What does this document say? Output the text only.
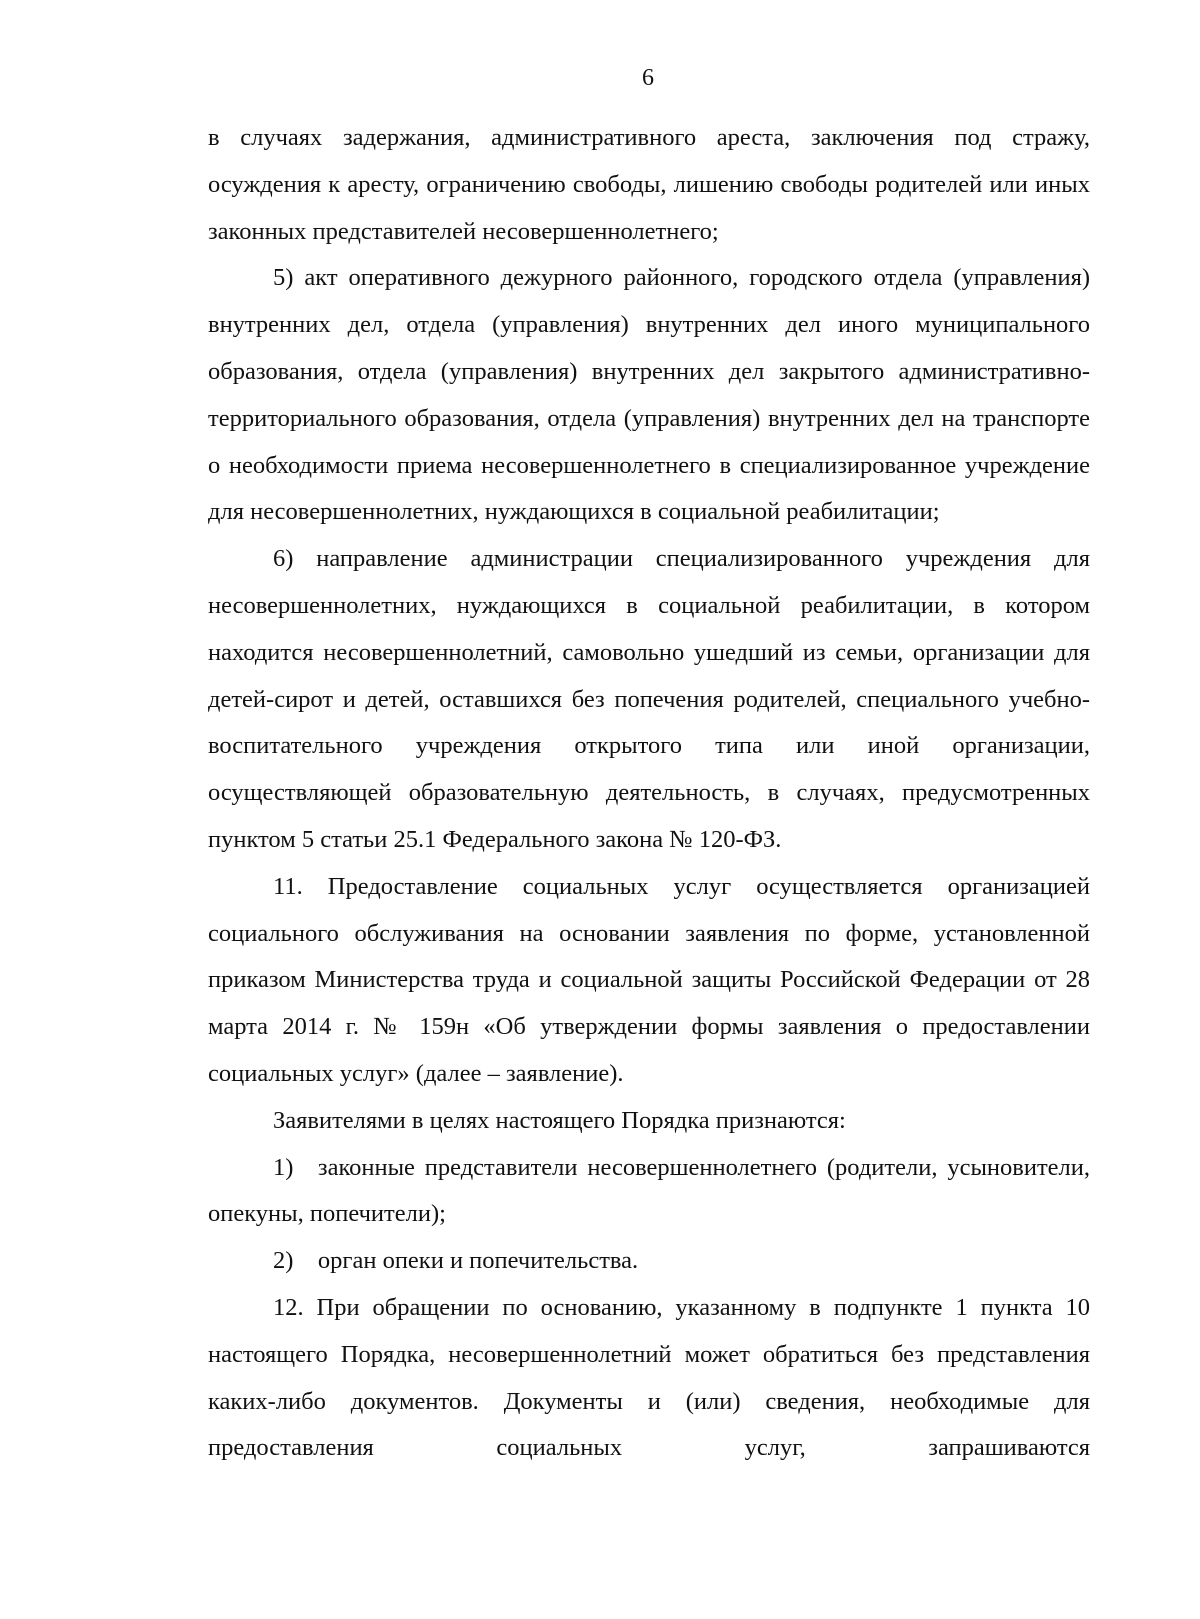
6

в случаях задержания, административного ареста, заключения под стражу, осуждения к аресту, ограничению свободы, лишению свободы родителей или иных законных представителей несовершеннолетнего;

5) акт оперативного дежурного районного, городского отдела (управления) внутренних дел, отдела (управления) внутренних дел иного муниципального образования, отдела (управления) внутренних дел закрытого административно-территориального образования, отдела (управления) внутренних дел на транспорте о необходимости приема несовершеннолетнего в специализированное учреждение для несовершеннолетних, нуждающихся в социальной реабилитации;

6) направление администрации специализированного учреждения для несовершеннолетних, нуждающихся в социальной реабилитации, в котором находится несовершеннолетний, самовольно ушедший из семьи, организации для детей-сирот и детей, оставшихся без попечения родителей, специального учебно-воспитательного учреждения открытого типа или иной организации, осуществляющей образовательную деятельность, в случаях, предусмотренных пунктом 5 статьи 25.1 Федерального закона № 120-ФЗ.

11. Предоставление социальных услуг осуществляется организацией социального обслуживания на основании заявления по форме, установленной приказом Министерства труда и социальной защиты Российской Федерации от 28 марта 2014 г. № 159н «Об утверждении формы заявления о предоставлении социальных услуг» (далее – заявление).

Заявителями в целях настоящего Порядка признаются:

1) законные представители несовершеннолетнего (родители, усыновители, опекуны, попечители);

2) орган опеки и попечительства.

12. При обращении по основанию, указанному в подпункте 1 пункта 10 настоящего Порядка, несовершеннолетний может обратиться без представления каких-либо документов. Документы и (или) сведения, необходимые для предоставления социальных услуг, запрашиваются
